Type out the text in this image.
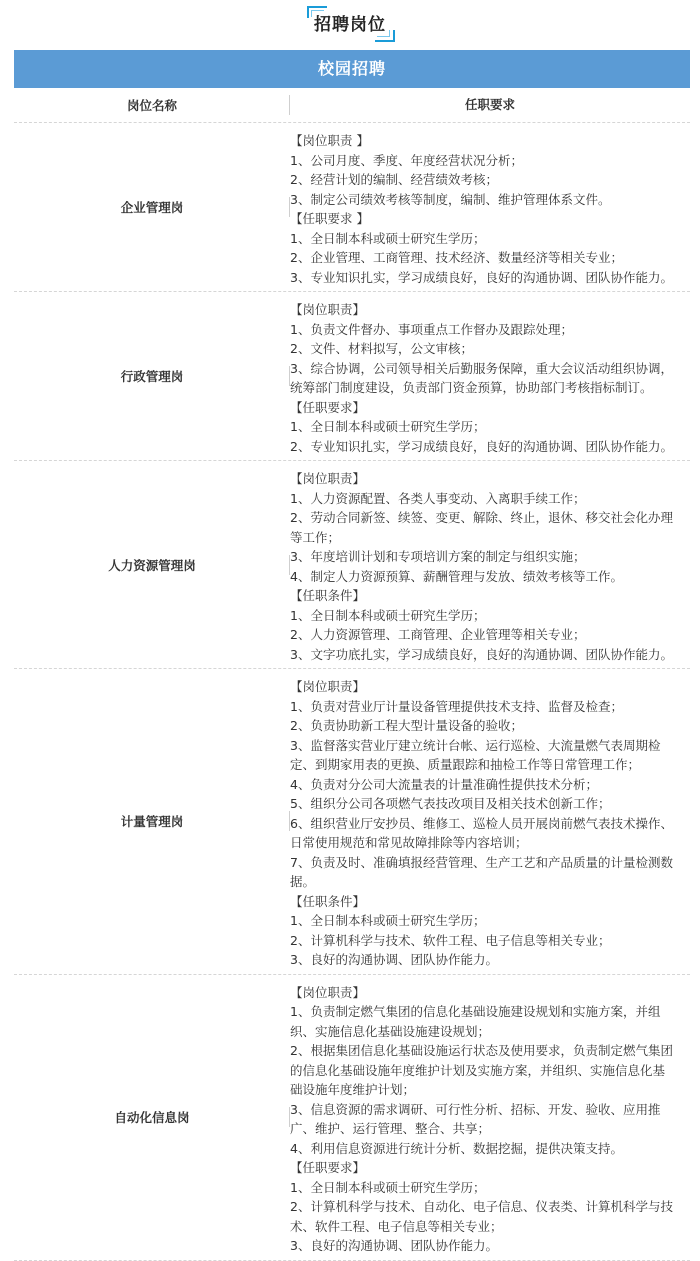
招聘岗位
校园招聘
岗位名称	任职要求
企业管理岗
【岗位职责 】
1、公司月度、季度、年度经营状况分析；
2、经营计划的编制、经营绩效考核；
3、制定公司绩效考核等制度，编制、维护管理体系文件。
【任职要求 】
1、全日制本科或硕士研究生学历；
2、企业管理、工商管理、技术经济、数量经济等相关专业；
3、专业知识扎实，学习成绩良好，良好的沟通协调、团队协作能力。
行政管理岗
【岗位职责】
1、负责文件督办、事项重点工作督办及跟踪处理；
2、文件、材料拟写，公文审核；
3、综合协调，公司领导相关后勤服务保障，重大会议活动组织协调，
统筹部门制度建设，负责部门资金预算，协助部门考核指标制订。
【任职要求】
1、全日制本科或硕士研究生学历；
2、专业知识扎实，学习成绩良好，良好的沟通协调、团队协作能力。
人力资源管理岗
【岗位职责】
1、人力资源配置、各类人事变动、入离职手续工作；
2、劳动合同新签、续签、变更、解除、终止，退休、移交社会化办理
等工作；
3、年度培训计划和专项培训方案的制定与组织实施；
4、制定人力资源预算、薪酬管理与发放、绩效考核等工作。
【任职条件】
1、全日制本科或硕士研究生学历；
2、人力资源管理、工商管理、企业管理等相关专业；
3、文字功底扎实，学习成绩良好，良好的沟通协调、团队协作能力。
计量管理岗
【岗位职责】
1、负责对营业厅计量设备管理提供技术支持、监督及检查；
2、负责协助新工程大型计量设备的验收；
3、监督落实营业厅建立统计台帐、运行巡检、大流量燃气表周期检
定、到期家用表的更换、质量跟踪和抽检工作等日常管理工作；
4、负责对分公司大流量表的计量准确性提供技术分析；
5、组织分公司各项燃气表技改项目及相关技术创新工作；
6、组织营业厅安抄员、维修工、巡检人员开展岗前燃气表技术操作、
日常使用规范和常见故障排除等内容培训；
7、负责及时、准确填报经营管理、生产工艺和产品质量的计量检测数
据。
【任职条件】
1、全日制本科或硕士研究生学历；
2、计算机科学与技术、软件工程、电子信息等相关专业；
3、良好的沟通协调、团队协作能力。
自动化信息岗
【岗位职责】
1、负责制定燃气集团的信息化基础设施建设规划和实施方案，并组
织、实施信息化基础设施建设规划；
2、根据集团信息化基础设施运行状态及使用要求，负责制定燃气集团
的信息化基础设施年度维护计划及实施方案，并组织、实施信息化基
础设施年度维护计划；
3、信息资源的需求调研、可行性分析、招标、开发、验收、应用推
广、维护、运行管理、整合、共享；
4、利用信息资源进行统计分析、数据挖掘，提供决策支持。
【任职要求】
1、全日制本科或硕士研究生学历；
2、计算机科学与技术、自动化、电子信息、仪表类、计算机科学与技
术、软件工程、电子信息等相关专业；
3、良好的沟通协调、团队协作能力。
